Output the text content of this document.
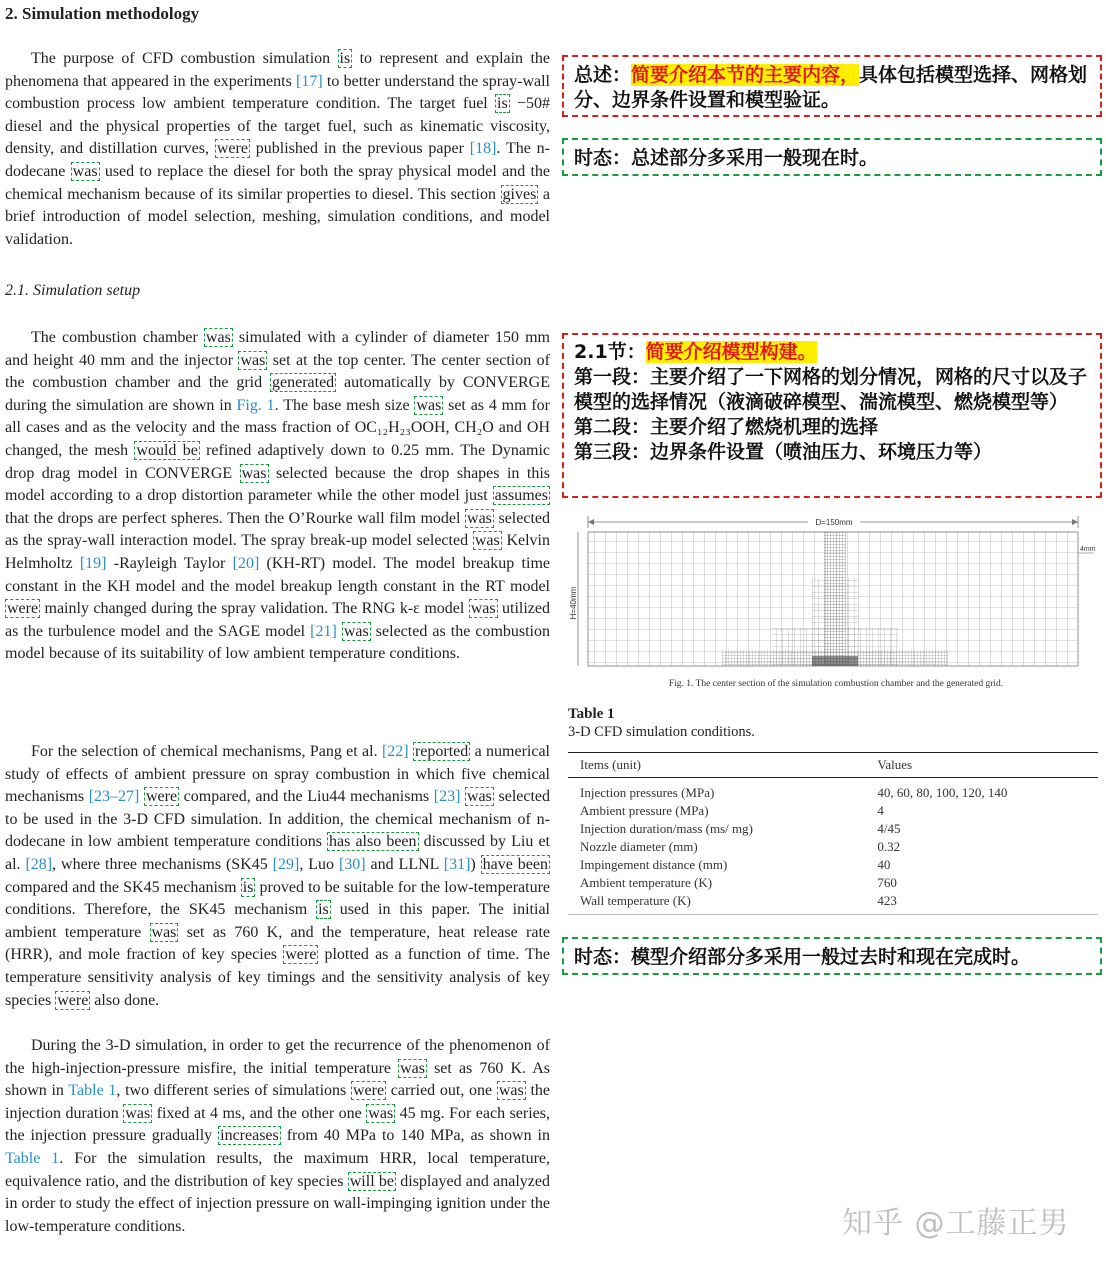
2. Simulation methodology

The purpose of CFD combustion simulation is to represent and explain the phenomena that appeared in the experiments [17] to better understand the spray-wall combustion process low ambient temperature condition. The target fuel is −50# diesel and the physical properties of the target fuel, such as kinematic viscosity, density, and distillation curves, were published in the previous paper [18]. The n-dodecane was used to replace the diesel for both the spray physical model and the chemical mechanism because of its similar properties to diesel. This section gives a brief introduction of model selection, meshing, simulation conditions, and model validation.

2.1. Simulation setup

The combustion chamber was simulated with a cylinder of diameter 150 mm and height 40 mm and the injector was set at the top center. The center section of the combustion chamber and the grid generated automatically by CONVERGE during the simulation are shown in Fig. 1. The base mesh size was set as 4 mm for all cases and as the velocity and the mass fraction of OC₁₂H₂₃OOH, CH₂O and OH changed, the mesh would be refined adaptively down to 0.25 mm. The Dynamic drop drag model in CONVERGE was selected because the drop shapes in this model according to a drop distortion parameter while the other model just assumes that the drops are perfect spheres. Then the O’Rourke wall film model was selected as the spray-wall interaction model. The spray break-up model selected was Kelvin Helmholtz [19] -Rayleigh Taylor [20] (KH-RT) model. The model breakup time constant in the KH model and the model breakup length constant in the RT model were mainly changed during the spray validation. The RNG k-ε model was utilized as the turbulence model and the SAGE model [21] was selected as the combustion model because of its suitability of low ambient temperature conditions.

For the selection of chemical mechanisms, Pang et al. [22] reported a numerical study of effects of ambient pressure on spray combustion in which five chemical mechanisms [23–27] were compared, and the Liu44 mechanisms [23] was selected to be used in the 3-D CFD simulation. In addition, the chemical mechanism of n-dodecane in low ambient temperature conditions has also been discussed by Liu et al. [28], where three mechanisms (SK45 [29], Luo [30] and LLNL [31]) have been compared and the SK45 mechanism is proved to be suitable for the low-temperature conditions. Therefore, the SK45 mechanism is used in this paper. The initial ambient temperature was set as 760 K, and the temperature, heat release rate (HRR), and mole fraction of key species were plotted as a function of time. The temperature sensitivity analysis of key timings and the sensitivity analysis of key species were also done.

During the 3-D simulation, in order to get the recurrence of the phenomenon of the high-injection-pressure misfire, the initial temperature was set as 760 K. As shown in Table 1, two different series of simulations were carried out, one was the injection duration was fixed at 4 ms, and the other one was 45 mg. For each series, the injection pressure gradually increases from 40 MPa to 140 MPa, as shown in Table 1. For the simulation results, the maximum HRR, local temperature, equivalence ratio, and the distribution of key species will be displayed and analyzed in order to study the effect of injection pressure on wall-impinging ignition under the low-temperature conditions.

总述：简要介绍本节的主要内容，具体包括模型选择、网格划分、边界条件设置和模型验证。
时态：总述部分多采用一般现在时。
2.1节：简要介绍模型构建。
第一段：主要介绍了一下网格的划分情况，网格的尺寸以及子模型的选择情况（液滴破碎模型、湍流模型、燃烧模型等）
第二段：主要介绍了燃烧机理的选择
第三段：边界条件设置（喷油压力、环境压力等）
D=150mm
H=40mm
4mm
Fig. 1. The center section of the simulation combustion chamber and the generated grid.
Table 1
3-D CFD simulation conditions.
Items (unit)	Values
Injection pressures (MPa)	40, 60, 80, 100, 120, 140
Ambient pressure (MPa)	4
Injection duration/mass (ms/ mg)	4/45
Nozzle diameter (mm)	0.32
Impingement distance (mm)	40
Ambient temperature (K)	760
Wall temperature (K)	423
时态：模型介绍部分多采用一般过去时和现在完成时。
知乎 @工藤正男
